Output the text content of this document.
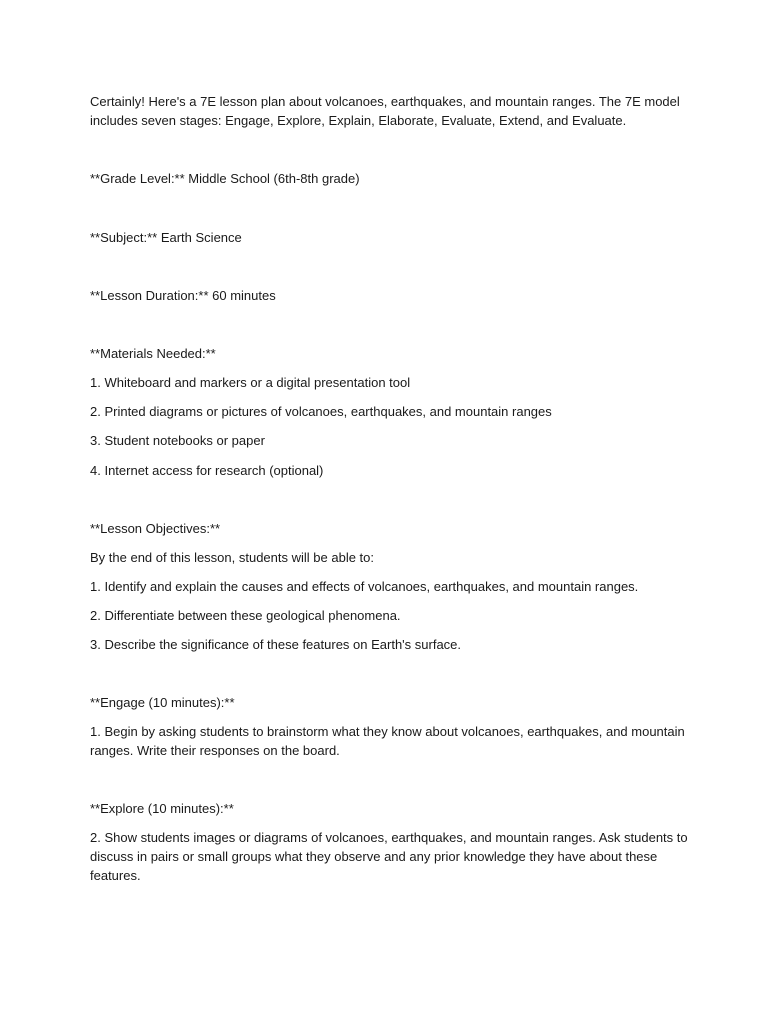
Certainly! Here's a 7E lesson plan about volcanoes, earthquakes, and mountain ranges. The 7E model includes seven stages: Engage, Explore, Explain, Elaborate, Evaluate, Extend, and Evaluate.

**Grade Level:** Middle School (6th-8th grade)

**Subject:** Earth Science

**Lesson Duration:** 60 minutes

**Materials Needed:**

1. Whiteboard and markers or a digital presentation tool

2. Printed diagrams or pictures of volcanoes, earthquakes, and mountain ranges

3. Student notebooks or paper

4. Internet access for research (optional)

**Lesson Objectives:**

By the end of this lesson, students will be able to:

1. Identify and explain the causes and effects of volcanoes, earthquakes, and mountain ranges.

2. Differentiate between these geological phenomena.

3. Describe the significance of these features on Earth's surface.

**Engage (10 minutes):**

1. Begin by asking students to brainstorm what they know about volcanoes, earthquakes, and mountain ranges. Write their responses on the board.

**Explore (10 minutes):**

2. Show students images or diagrams of volcanoes, earthquakes, and mountain ranges. Ask students to discuss in pairs or small groups what they observe and any prior knowledge they have about these features.
